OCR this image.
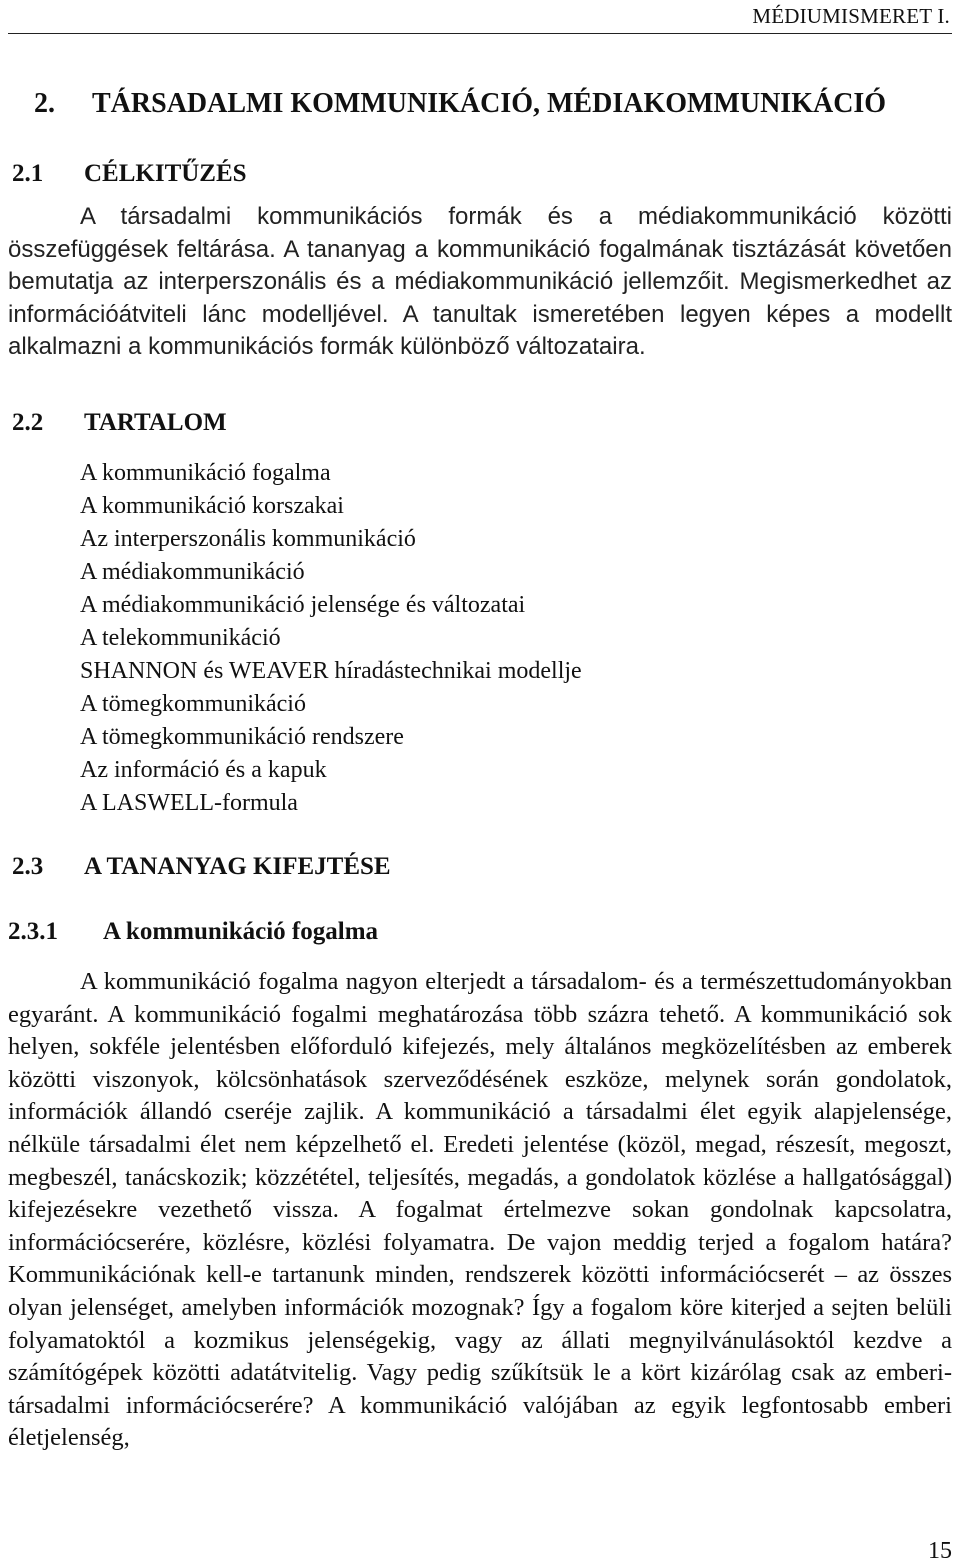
MÉDIUMISMERET I.
2. TÁRSADALMI KOMMUNIKÁCIÓ, MÉDIAKOMMUNIKÁCIÓ
2.1 CÉLKITŰZÉS

A társadalmi kommunikációs formák és a médiakommunikáció közötti összefüggések feltárása. A tananyag a kommunikáció fogalmának tisztázását követően bemutatja az interperszonális és a médiakommunikáció jellemzőit. Megismerkedhet az információátviteli lánc modelljével. A tanultak ismeretében legyen képes a modellt alkalmazni a kommunikációs formák különböző változataira.

2.2 TARTALOM
A kommunikáció fogalma
A kommunikáció korszakai
Az interperszonális kommunikáció
A médiakommunikáció
A médiakommunikáció jelensége és változatai
A telekommunikáció
SHANNON és WEAVER híradástechnikai modellje
A tömegkommunikáció
A tömegkommunikáció rendszere
Az információ és a kapuk
A LASWELL-formula
2.3 A TANANYAG KIFEJTÉSE
2.3.1 A kommunikáció fogalma

A kommunikáció fogalma nagyon elterjedt a társadalom- és a természettudományokban egyaránt. A kommunikáció fogalmi meghatározása több százra tehető. A kommunikáció sok helyen, sokféle jelentésben előforduló kifejezés, mely általános megközelítésben az emberek közötti viszonyok, kölcsönhatások szerveződésének eszköze, melynek során gondolatok, információk állandó cseréje zajlik. A kommunikáció a társadalmi élet egyik alapjelensége, nélküle társadalmi élet nem képzelhető el. Eredeti jelentése (közöl, megad, részesít, megoszt, megbeszél, tanácskozik; közzététel, teljesítés, megadás, a gondolatok közlése a hallgatósággal) kifejezésekre vezethető vissza. A fogalmat értelmezve sokan gondolnak kapcsolatra, információcserére, közlésre, közlési folyamatra. De vajon meddig terjed a fogalom határa? Kommunikációnak kell-e tartanunk minden, rendszerek közötti információcserét – az összes olyan jelenséget, amelyben információk mozognak? Így a fogalom köre kiterjed a sejten belüli folyamatoktól a kozmikus jelenségekig, vagy az állati megnyilvánulásoktól kezdve a számítógépek közötti adatátvitelig. Vagy pedig szűkítsük le a kört kizárólag csak az emberi-társadalmi információcserére? A kommunikáció valójában az egyik legfontosabb emberi életjelenség,

15
